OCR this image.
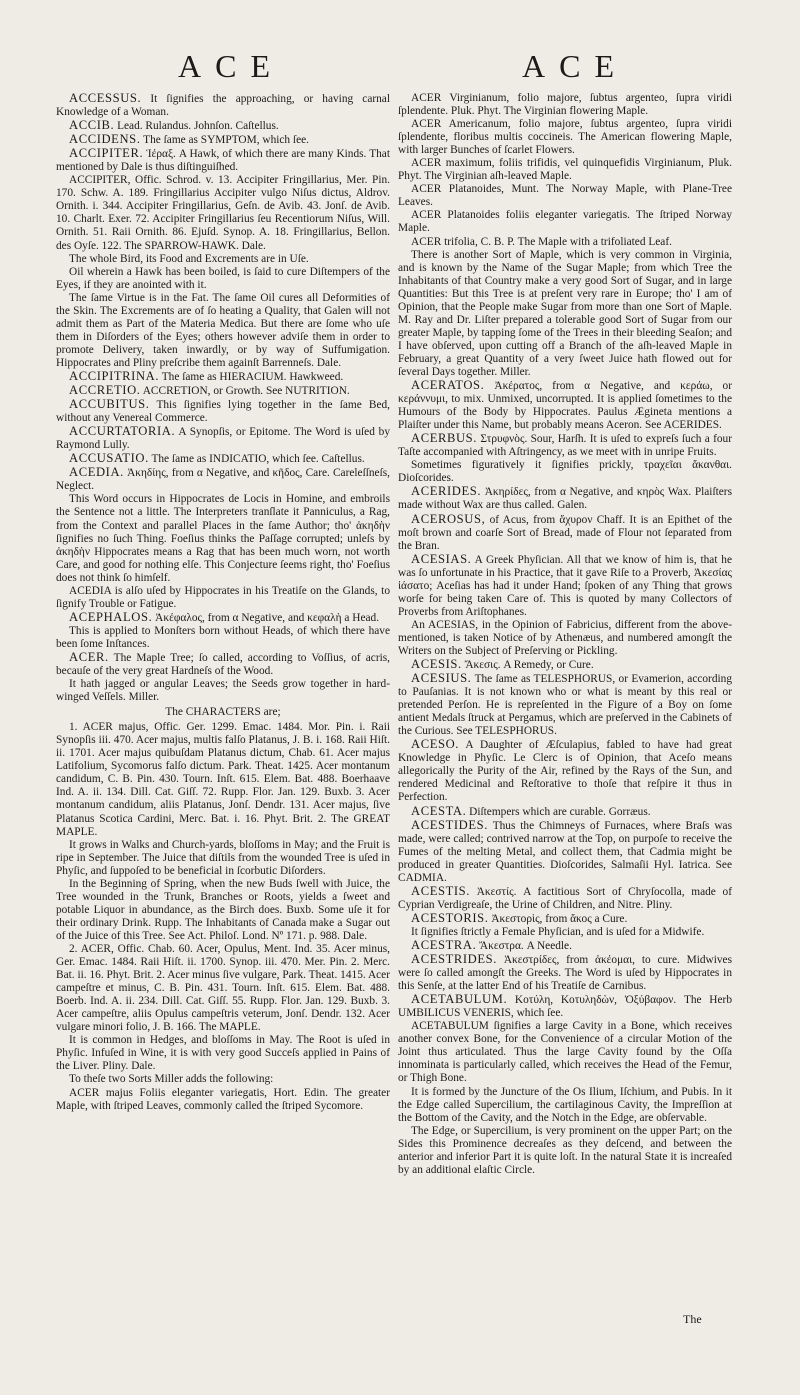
ACE	ACE

ACCESSUS. It ſignifies the approaching, or having carnal Knowledge of a Woman.

ACCIB. Lead. Rulandus. Johnſon. Caſtellus.

ACCIDENS. The ſame as SYMPTOM, which ſee.

ACCIPITER. Ἱέραξ. A Hawk, of which there are many Kinds. That mentioned by Dale is thus diſtinguiſhed.

ACCIPITER, Offic. Schrod. v. 13. Accipiter Fringillarius, Mer. Pin. 170. Schw. A. 189. Fringillarius Accipiter vulgo Niſus dictus, Aldrov. Ornith. i. 344. Accipiter Fringillarius, Geſn. de Avib. 43. Jonſ. de Avib. 10. Charlt. Exer. 72. Accipiter Fringillarius ſeu Recentiorum Niſus, Will. Ornith. 51. Raii Ornith. 86. Ejuſd. Synop. A. 18. Fringillarius, Bellon. des Oyſe. 122. The SPARROW-HAWK. Dale.

The whole Bird, its Food and Excrements are in Uſe.

Oil wherein a Hawk has been boiled, is ſaid to cure Diſtempers of the Eyes, if they are anointed with it.

The ſame Virtue is in the Fat. The ſame Oil cures all Deformities of the Skin. The Excrements are of ſo heating a Quality, that Galen will not admit them as Part of the Materia Medica. But there are ſome who uſe them in Diſorders of the Eyes; others however adviſe them in order to promote Delivery, taken inwardly, or by way of Suffumigation. Hippocrates and Pliny preſcribe them againſt Barrenneſs. Dale.

ACCIPITRINA. The ſame as HIERACIUM. Hawkweed.

ACCRETIO. ACCRETION, or Growth. See NUTRITION.

ACCUBITUS. This ſignifies lying together in the ſame Bed, without any Venereal Commerce.

ACCURTATORIA. A Synopſis, or Epitome. The Word is uſed by Raymond Lully.

ACCUSATIO. The ſame as INDICATIO, which ſee. Caſtellus.

ACEDIA. Ἀκηδίης, from α Negative, and κῆδος, Care. Careleſſneſs, Neglect.

This Word occurs in Hippocrates de Locis in Homine, and embroils the Sentence not a little. The Interpreters tranſlate it Panniculus, a Rag, from the Context and parallel Places in the ſame Author; tho' ἀκηδὴν ſignifies no ſuch Thing. Foeſius thinks the Paſſage corrupted; unleſs by ἀκηδὴν Hippocrates means a Rag that has been much worn, not worth Care, and good for nothing elſe. This Conjecture ſeems right, tho' Foeſius does not think ſo himſelf.

ACEDIA is alſo uſed by Hippocrates in his Treatiſe on the Glands, to ſignify Trouble or Fatigue.

ACEPHALOS. Ἀκέφαλος, from α Negative, and κεφαλὴ a Head.

This is applied to Monſters born without Heads, of which there have been ſome Inſtances.

ACER. The Maple Tree; ſo called, according to Voſſius, of acris, becauſe of the very great Hardneſs of the Wood.

It hath jagged or angular Leaves; the Seeds grow together in hard-winged Veſſels. Miller.

The CHARACTERS are;

1. ACER majus, Offic. Ger. 1299. Emac. 1484. Mor. Pin. i. Raii Synopſis iii. 470. Acer majus, multis falſo Platanus, J. B. i. 168. Raii Hiſt. ii. 1701. Acer majus quibuſdam Platanus dictum, Chab. 61. Acer majus Latifolium, Sycomorus falſo dictum. Park. Theat. 1425. Acer montanum candidum, C. B. Pin. 430. Tourn. Inſt. 615. Elem. Bat. 488. Boerhaave Ind. A. ii. 134. Dill. Cat. Giſſ. 72. Rupp. Flor. Jan. 129. Buxb. 3. Acer montanum candidum, aliis Platanus, Jonſ. Dendr. 131. Acer majus, ſive Platanus Scotica Cardini, Merc. Bat. i. 16. Phyt. Brit. 2. The GREAT MAPLE.

It grows in Walks and Church-yards, bloſſoms in May; and the Fruit is ripe in September. The Juice that diſtils from the wounded Tree is uſed in Phyſic, and ſuppoſed to be beneficial in ſcorbutic Diſorders.

In the Beginning of Spring, when the new Buds ſwell with Juice, the Tree wounded in the Trunk, Branches or Roots, yields a ſweet and potable Liquor in abundance, as the Birch does. Buxb. Some uſe it for their ordinary Drink. Rupp. The Inhabitants of Canada make a Sugar out of the Juice of this Tree. See Act. Philoſ. Lond. Nº 171. p. 988. Dale.

2. ACER, Offic. Chab. 60. Acer, Opulus, Ment. Ind. 35. Acer minus, Ger. Emac. 1484. Raii Hiſt. ii. 1700. Synop. iii. 470. Mer. Pin. 2. Merc. Bat. ii. 16. Phyt. Brit. 2. Acer minus ſive vulgare, Park. Theat. 1415. Acer campeſtre et minus, C. B. Pin. 431. Tourn. Inſt. 615. Elem. Bat. 488. Boerb. Ind. A. ii. 234. Dill. Cat. Giſſ. 55. Rupp. Flor. Jan. 129. Buxb. 3. Acer campeſtre, aliis Opulus campeſtris veterum, Jonſ. Dendr. 132. Acer vulgare minori folio, J. B. 166. The MAPLE.

It is common in Hedges, and bloſſoms in May. The Root is uſed in Phyſic. Infuſed in Wine, it is with very good Succeſs applied in Pains of the Liver. Pliny. Dale.

To theſe two Sorts Miller adds the following:

ACER majus Foliis eleganter variegatis, Hort. Edin. The greater Maple, with ſtriped Leaves, commonly called the ſtriped Sycomore.

ACER Virginianum, folio majore, ſubtus argenteo, ſupra viridi ſplendente. Pluk. Phyt. The Virginian flowering Maple.

ACER Americanum, folio majore, ſubtus argenteo, ſupra viridi ſplendente, floribus multis coccineis. The American flowering Maple, with larger Bunches of ſcarlet Flowers.

ACER maximum, foliis trifidis, vel quinquefidis Virginianum, Pluk. Phyt. The Virginian aſh-leaved Maple.

ACER Platanoides, Munt. The Norway Maple, with Plane-Tree Leaves.

ACER Platanoides foliis eleganter variegatis. The ſtriped Norway Maple.

ACER trifolia, C. B. P. The Maple with a trifoliated Leaf.

There is another Sort of Maple, which is very common in Virginia, and is known by the Name of the Sugar Maple; from which Tree the Inhabitants of that Country make a very good Sort of Sugar, and in large Quantities: But this Tree is at preſent very rare in Europe; tho' I am of Opinion, that the People make Sugar from more than one Sort of Maple. M. Ray and Dr. Liſter prepared a tolerable good Sort of Sugar from our greater Maple, by tapping ſome of the Trees in their bleeding Seaſon; and I have obſerved, upon cutting off a Branch of the aſh-leaved Maple in February, a great Quantity of a very ſweet Juice hath flowed out for ſeveral Days together. Miller.

ACERATOS. Ἀκέρατος, from α Negative, and κεράω, or κεράννυμι, to mix. Unmixed, uncorrupted. It is applied ſometimes to the Humours of the Body by Hippocrates. Paulus Ægineta mentions a Plaiſter under this Name, but probably means Aceron. See ACERIDES.

ACERBUS. Στρυφνὸς. Sour, Harſh. It is uſed to expreſs ſuch a four Taſte accompanied with Aſtringency, as we meet with in unripe Fruits.

Sometimes figuratively it ſignifies prickly, τραχεῖαι ἄκανθαι. Dioſcorides.

ACERIDES. Ἀκηρίδες, from α Negative, and κηρὸς Wax. Plaiſters made without Wax are thus called. Galen.

ACEROSUS, of Acus, from ἄχυρον Chaff. It is an Epithet of the moſt brown and coarſe Sort of Bread, made of Flour not ſeparated from the Bran.

ACESIAS. A Greek Phyſician. All that we know of him is, that he was ſo unfortunate in his Practice, that it gave Riſe to a Proverb, Ἀκεσίας ἰάσατο; Aceſias has had it under Hand; ſpoken of any Thing that grows worſe for being taken Care of. This is quoted by many Collectors of Proverbs from Ariſtophanes.

An ACESIAS, in the Opinion of Fabricius, different from the above-mentioned, is taken Notice of by Athenæus, and numbered amongſt the Writers on the Subject of Preſerving or Pickling.

ACESIS. Ἄκεσις. A Remedy, or Cure.

ACESIUS. The ſame as TELESPHORUS, or Evamerion, according to Pauſanias. It is not known who or what is meant by this real or pretended Perſon. He is repreſented in the Figure of a Boy on ſome antient Medals ſtruck at Pergamus, which are preſerved in the Cabinets of the Curious. See TELESPHORUS.

ACESO. A Daughter of Æſculapius, fabled to have had great Knowledge in Phyſic. Le Clerc is of Opinion, that Aceſo means allegorically the Purity of the Air, refined by the Rays of the Sun, and rendered Medicinal and Reſtorative to thoſe that reſpire it thus in Perfection.

ACESTA. Diſtempers which are curable. Gorræus.

ACESTIDES. Thus the Chimneys of Furnaces, where Braſs was made, were called; contrived narrow at the Top, on purpoſe to receive the Fumes of the melting Metal, and collect them, that Cadmia might be produced in greater Quantities. Dioſcorides, Salmaſii Hyl. Iatrica. See CADMIA.

ACESTIS. Ἀκεστίς. A factitious Sort of Chryſocolla, made of Cyprian Verdigreaſe, the Urine of Children, and Nitre. Pliny.

ACESTORIS. Ἀκεστορὶς, from ἄκος a Cure.

It ſignifies ſtrictly a Female Phyſician, and is uſed for a Midwife.

ACESTRA. Ἄκεστρα. A Needle.

ACESTRIDES. Ἀκεστρίδες, from ἀκέομαι, to cure. Midwives were ſo called amongſt the Greeks. The Word is uſed by Hippocrates in this Senſe, at the latter End of his Treatiſe de Carnibus.

ACETABULUM. Κοτύλη, Κοτυληδὼν, Ὀξύβαφον. The Herb UMBILICUS VENERIS, which ſee.

ACETABULUM ſignifies a large Cavity in a Bone, which receives another convex Bone, for the Convenience of a circular Motion of the Joint thus articulated. Thus the large Cavity found by the Oſſa innominata is particularly called, which receives the Head of the Femur, or Thigh Bone.

It is formed by the Juncture of the Os Ilium, Iſchium, and Pubis. In it the Edge called Supercilium, the cartilaginous Cavity, the Impreſſion at the Bottom of the Cavity, and the Notch in the Edge, are obſervable.

The Edge, or Supercilium, is very prominent on the upper Part; on the Sides this Prominence decreaſes as they deſcend, and between the anterior and inferior Part it is quite loſt. In the natural State it is increaſed by an additional elaſtic Circle.

The
